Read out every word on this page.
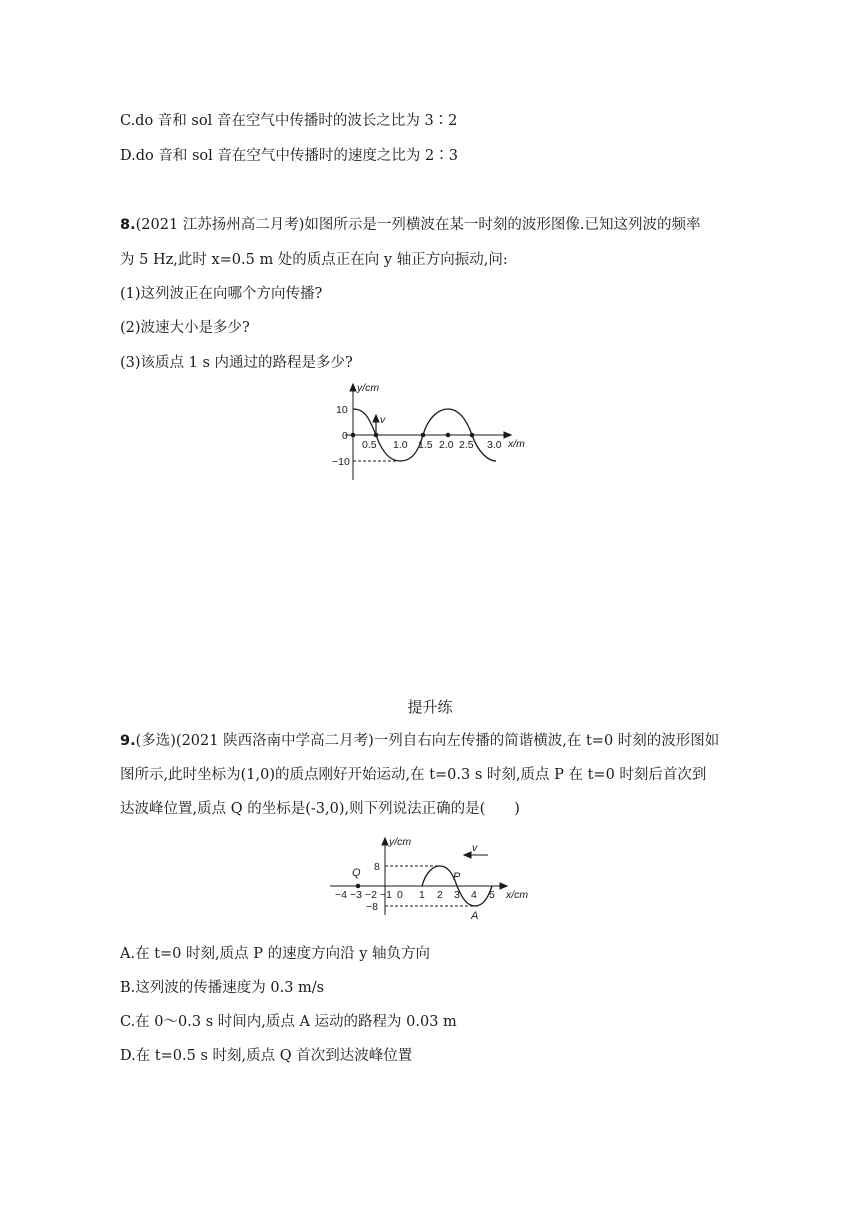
C.do 音和 sol 音在空气中传播时的波长之比为 3∶2
D.do 音和 sol 音在空气中传播时的速度之比为 2∶3
8.(2021 江苏扬州高二月考)如图所示是一列横波在某一时刻的波形图像.已知这列波的频率
为 5 Hz,此时 x=0.5 m 处的质点正在向 y 轴正方向振动,问:
(1)这列波正在向哪个方向传播?
(2)波速大小是多少?
(3)该质点 1 s 内通过的路程是多少?
y/cm
x/m
10
0
−10
0.5 1.0 1.5 2.0 2.5 3.0
v
提升练
9.(多选)(2021 陕西洛南中学高二月考)一列自右向左传播的简谐横波,在 t=0 时刻的波形图如
图所示,此时坐标为(1,0)的质点刚好开始运动,在 t=0.3 s 时刻,质点 P 在 t=0 时刻后首次到
达波峰位置,质点 Q 的坐标是(-3,0),则下列说法正确的是(　　)
y/cm
x/cm
8
−8
−4 −3 −2 −1 0 1 2 3 4 5
Q	P
A
v
A.在 t=0 时刻,质点 P 的速度方向沿 y 轴负方向
B.这列波的传播速度为 0.3 m/s
C.在 0～0.3 s 时间内,质点 A 运动的路程为 0.03 m
D.在 t=0.5 s 时刻,质点 Q 首次到达波峰位置
